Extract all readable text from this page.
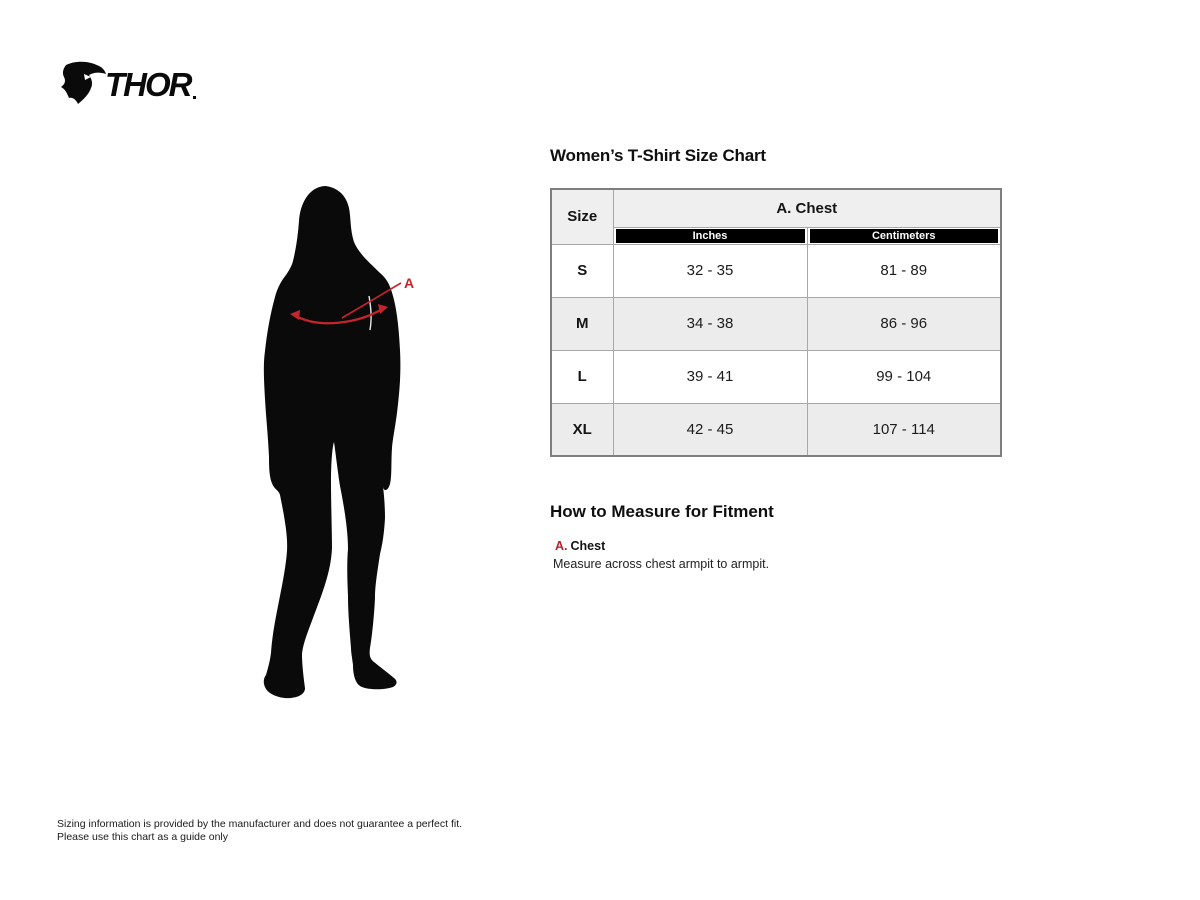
THOR
A
Women’s T-Shirt Size Chart
Size	A. Chest	

	Inches	Centimeters

S	32 - 35	81 - 89
M	34 - 38	86 - 96
L	39 - 41	99 - 104
XL	42 - 45	107 - 114
How to Measure for Fitment
A. Chest
Measure across chest armpit to armpit.
Sizing information is provided by the manufacturer and does not guarantee a perfect fit.
Please use this chart as a guide only
